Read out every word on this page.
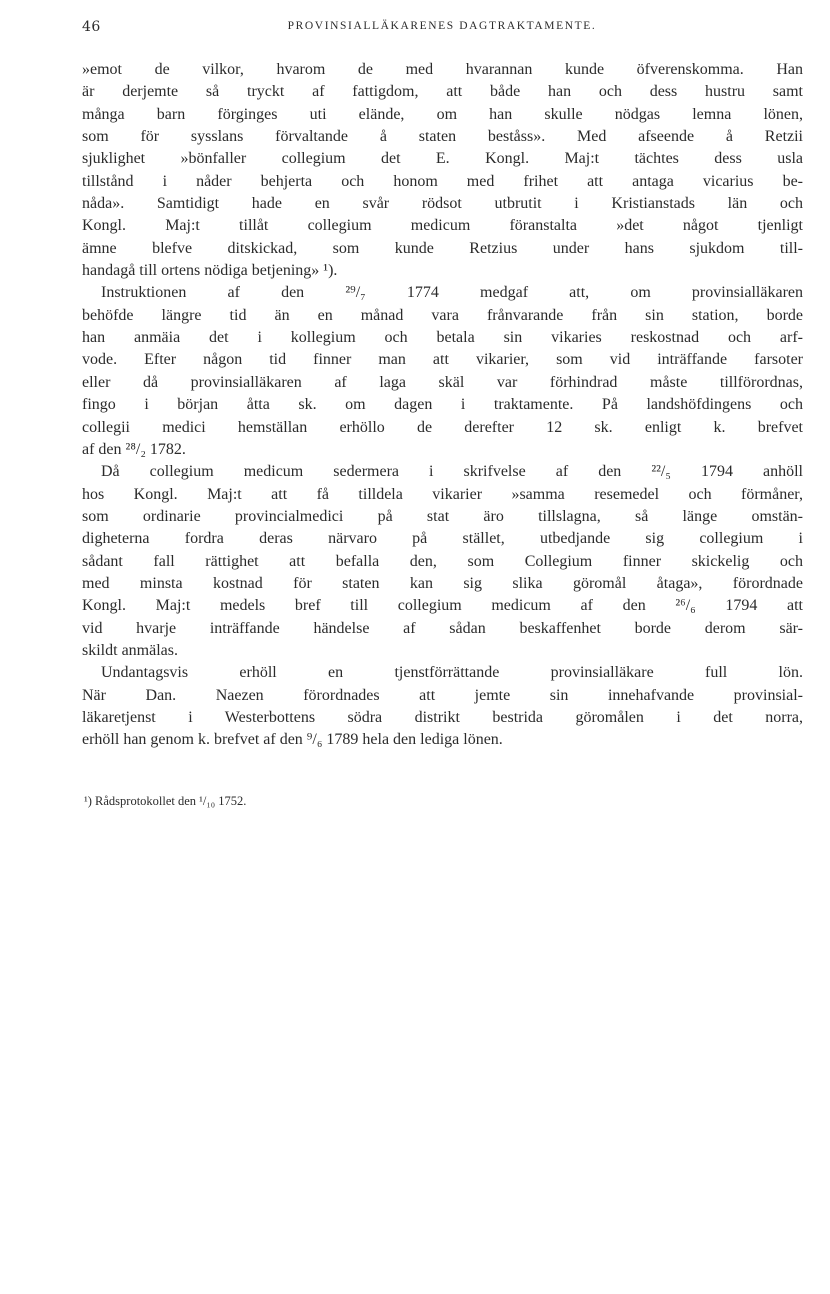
46	PROVINSIALLÄKARENES DAGTRAKTAMENTE.
»emot de vilkor, hvarom de med hvarannan kunde öfverenskomma. Han
är derjemte så tryckt af fattigdom, att både han och dess hustru samt
många barn förginges uti elände, om han skulle nödgas lemna lönen,
som för sysslans förvaltande å staten beståss». Med afseende å Retzii
sjuklighet »bönfaller collegium det E. Kongl. Maj:t tächtes dess usla
tillstånd i nåder behjerta och honom med frihet att antaga vicarius be-
nåda». Samtidigt hade en svår rödsot utbrutit i Kristianstads län och
Kongl. Maj:t tillåt collegium medicum föranstalta »det något tjenligt
ämne blefve ditskickad, som kunde Retzius under hans sjukdom till-
handagå till ortens nödiga betjening» ¹).
Instruktionen af den ²⁹/₇ 1774 medgaf att, om provinsialläkaren
behöfde längre tid än en månad vara frånvarande från sin station, borde
han anmäia det i kollegium och betala sin vikaries reskostnad och arf-
vode. Efter någon tid finner man att vikarier, som vid inträffande farsoter
eller då provinsialläkaren af laga skäl var förhindrad måste tillförordnas,
fingo i början åtta sk. om dagen i traktamente. På landshöfdingens och
collegii medici hemställan erhöllo de derefter 12 sk. enligt k. brefvet
af den ²⁸/₂ 1782.
Då collegium medicum sedermera i skrifvelse af den ²²/₅ 1794 anhöll
hos Kongl. Maj:t att få tilldela vikarier »samma resemedel och förmåner,
som ordinarie provincialmedici på stat äro tillslagna, så länge omstän-
digheterna fordra deras närvaro på stället, utbedjande sig collegium i
sådant fall rättighet att befalla den, som Collegium finner skickelig och
med minsta kostnad för staten kan sig slika göromål åtaga», förordnade
Kongl. Maj:t medels bref till collegium medicum af den ²⁶/₆ 1794 att
vid hvarje inträffande händelse af sådan beskaffenhet borde derom sär-
skildt anmälas.
Undantagsvis erhöll en tjenstförrättande provinsialläkare full lön.
När Dan. Naezen förordnades att jemte sin innehafvande provinsial-
läkaretjenst i Westerbottens södra distrikt bestrida göromålen i det norra,
erhöll han genom k. brefvet af den ⁹/₆ 1789 hela den lediga lönen.
¹) Rådsprotokollet den ¹/₁₀ 1752.
